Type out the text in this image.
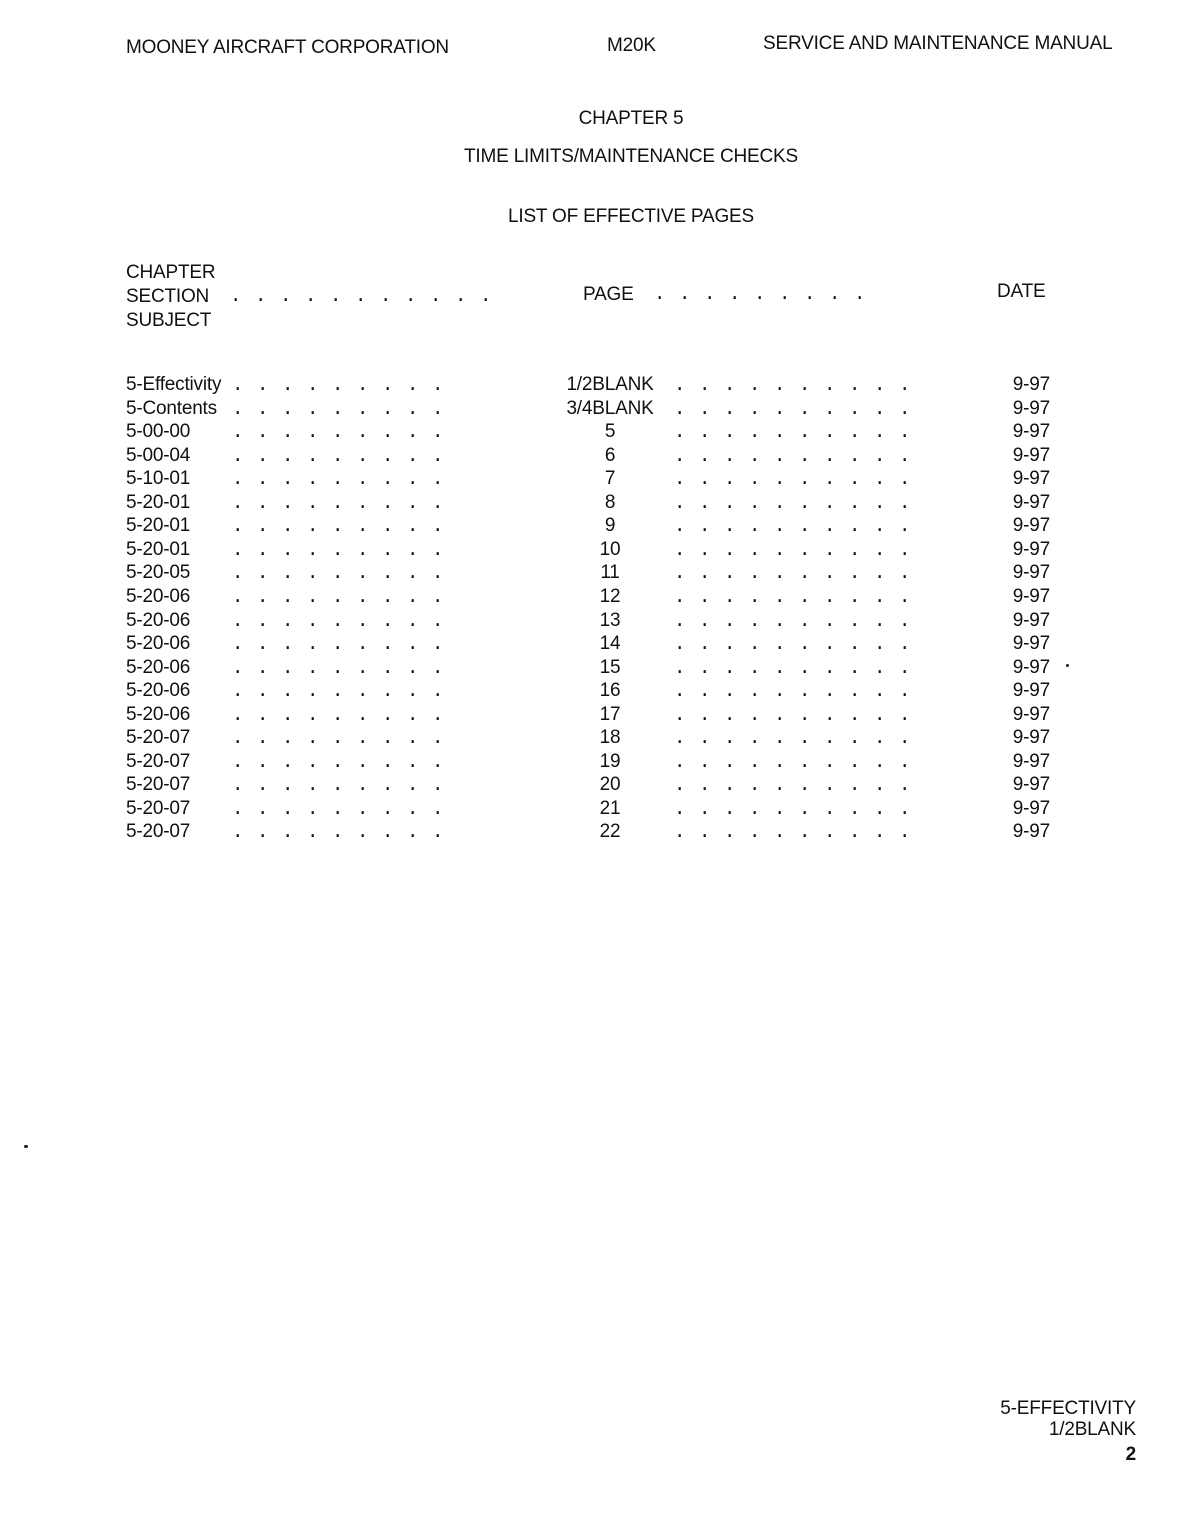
MOONEY AIRCRAFT CORPORATION	M20K	SERVICE AND MAINTENANCE MANUAL
CHAPTER 5
TIME LIMITS/MAINTENANCE CHECKS
LIST OF EFFECTIVE PAGES
CHAPTER
SECTION
SUBJECT
...........	PAGE .........	DATE
5-Effectivity .........	1/2BLANK ..........	9-97
5-Contents .........	3/4BLANK ..........	9-97
5-00-00 .........	5	..........	9-97
5-00-04 .........	6	..........	9-97
5-10-01 .........	7	..........	9-97
5-20-01 .........	8	..........	9-97
5-20-01 .........	9	..........	9-97
5-20-01 .........	10	..........	9-97
5-20-05 .........	11	..........	9-97
5-20-06 .........	12	..........	9-97
5-20-06 .........	13	..........	9-97
5-20-06 .........	14	..........	9-97
5-20-06 .........	15	..........	9-97
5-20-06 .........	16	..........	9-97
5-20-06 .........	17	..........	9-97
5-20-07 .........	18	..........	9-97
5-20-07 .........	19	..........	9-97
5-20-07 .........	20	..........	9-97
5-20-07 .........	21	..........	9-97
5-20-07 .........	22	..........	9-97
5-EFFECTIVITY
1/2BLANK
2
